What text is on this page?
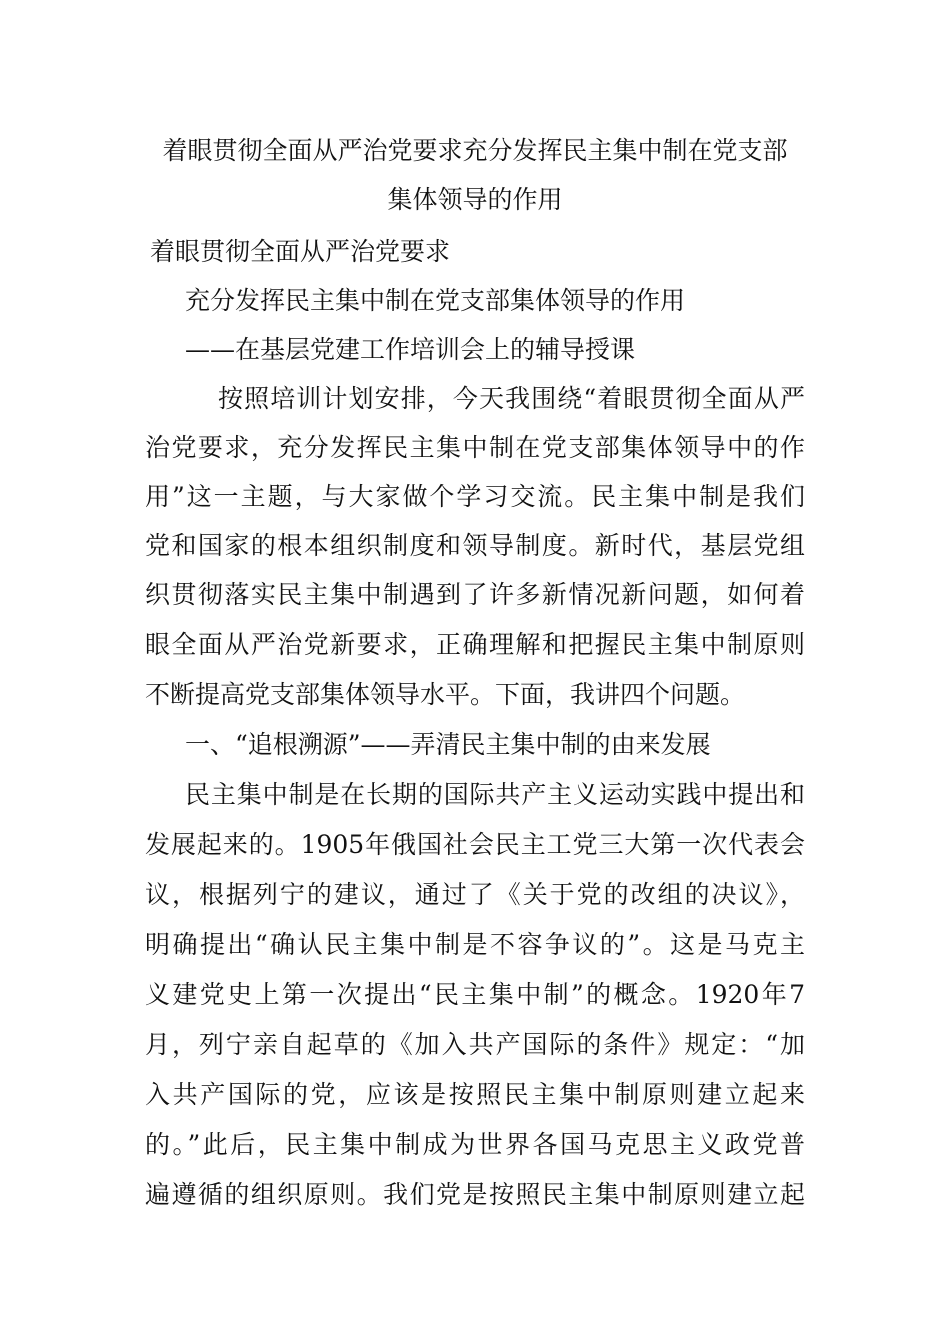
着眼贯彻全面从严治党要求充分发挥民主集中制在党支部
集体领导的作用
着眼贯彻全面从严治党要求
充分发挥民主集中制在党支部集体领导的作用
——在基层党建工作培训会上的辅导授课
按照培训计划安排，今天我围绕“着眼贯彻全面从严
治党要求，充分发挥民主集中制在党支部集体领导中的作
用”这一主题，与大家做个学习交流。民主集中制是我们
党和国家的根本组织制度和领导制度。新时代，基层党组
织贯彻落实民主集中制遇到了许多新情况新问题，如何着
眼全面从严治党新要求，正确理解和把握民主集中制原则
不断提高党支部集体领导水平。下面，我讲四个问题。
一、“追根溯源”——弄清民主集中制的由来发展
民主集中制是在长期的国际共产主义运动实践中提出和
发展起来的。1905年俄国社会民主工党三大第一次代表会
议，根据列宁的建议，通过了《关于党的改组的决议》，
明确提出“确认民主集中制是不容争议的”。这是马克主
义建党史上第一次提出“民主集中制”的概念。1920年7
月，列宁亲自起草的《加入共产国际的条件》规定：“加
入共产国际的党，应该是按照民主集中制原则建立起来
的。”此后，民主集中制成为世界各国马克思主义政党普
遍遵循的组织原则。我们党是按照民主集中制原则建立起
